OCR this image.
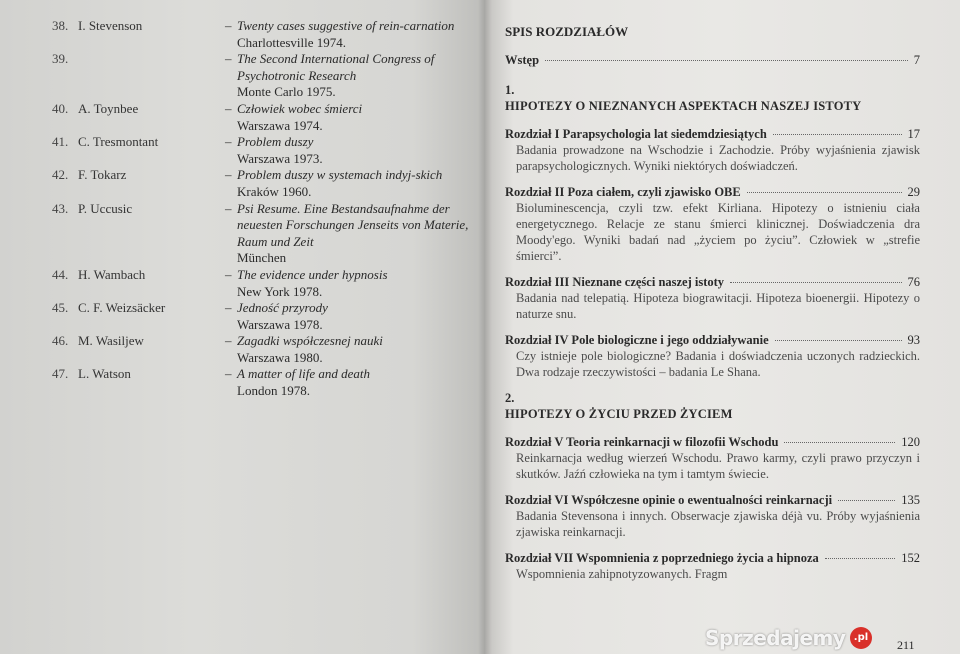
38. I. Stevenson	– Twenty cases suggestive of rein-carnation
Charlottesville 1974.
39.	– The Second International Congress of Psychotronic Research
Monte Carlo 1975.
40. A. Toynbee	– Człowiek wobec śmierci
Warszawa 1974.
41. C. Tresmontant	– Problem duszy
Warszawa 1973.
42. F. Tokarz	– Problem duszy w systemach indyj-skich
Kraków 1960.
43. P. Uccusic	– Psi Resume. Eine Bestandsaufnahme der neuesten Forschungen Jenseits von Materie, Raum und Zeit
München
44. H. Wambach	– The evidence under hypnosis
New York 1978.
45. C. F. Weizsäcker	– Jedność przyrody
Warszawa 1978.
46. M. Wasiljew	– Zagadki współczesnej nauki
Warszawa 1980.
47. L. Watson	– A matter of life and death
London 1978.
SPIS ROZDZIAŁÓW
Wstęp	7
1.
HIPOTEZY O NIEZNANYCH ASPEKTACH NASZEJ ISTOTY
Rozdział I Parapsychologia lat siedemdziesiątych	17
Badania prowadzone na Wschodzie i Zachodzie. Próby wyjaśnienia zjawisk parapsychologicznych. Wyniki niektórych doświadczeń.
Rozdział II Poza ciałem, czyli zjawisko OBE	29
Bioluminescencja, czyli tzw. efekt Kirliana. Hipotezy o istnieniu ciała energetycznego. Relacje ze stanu śmierci klinicznej. Doświadczenia dra Moody'ego. Wyniki badań nad „życiem po życiu”. Człowiek w „strefie śmierci”.
Rozdział III Nieznane części naszej istoty	76
Badania nad telepatią. Hipoteza biograwitacji. Hipoteza bioenergii. Hipotezy o naturze snu.
Rozdział IV Pole biologiczne i jego oddziaływanie	93
Czy istnieje pole biologiczne? Badania i doświadczenia uczonych radzieckich. Dwa rodzaje rzeczywistości – badania Le Shana.
2.
HIPOTEZY O ŻYCIU PRZED ŻYCIEM
Rozdział V Teoria reinkarnacji w filozofii Wschodu	120
Reinkarnacja według wierzeń Wschodu. Prawo karmy, czyli prawo przyczyn i skutków. Jaźń człowieka na tym i tamtym świecie.
Rozdział VI Współczesne opinie o ewentualności reinkarnacji	135
Badania Stevensona i innych. Obserwacje zjawiska déjà vu. Próby wyjaśnienia zjawiska reinkarnacji.
Rozdział VII Wspomnienia z poprzedniego życia a hipnoza	152
Wspomnienia zahipnotyzowanych. Fragm
211
Sprzedajemy .pl
